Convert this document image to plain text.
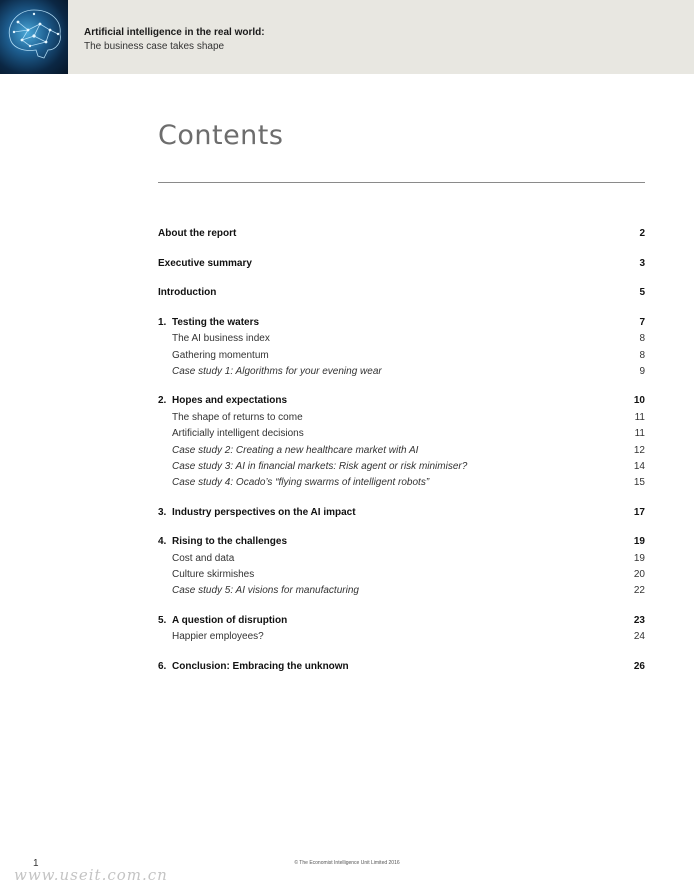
Artificial intelligence in the real world:
The business case takes shape
Contents
About the report	2
Executive summary	3
Introduction	5
1. Testing the waters	7
The AI business index	8
Gathering momentum	8
Case study 1: Algorithms for your evening wear	9
2. Hopes and expectations	10
The shape of returns to come	11
Artificially intelligent decisions	11
Case study 2: Creating a new healthcare market with AI	12
Case study 3: AI in financial markets: Risk agent or risk minimiser?	14
Case study 4: Ocado’s “flying swarms of intelligent robots”	15
3. Industry perspectives on the AI impact	17
4. Rising to the challenges	19
Cost and data	19
Culture skirmishes	20
Case study 5: AI visions for manufacturing	22
5. A question of disruption	23
Happier employees?	24
6. Conclusion: Embracing the unknown	26
1	© The Economist Intelligence Unit Limited 2016
www.useit.com.cn
